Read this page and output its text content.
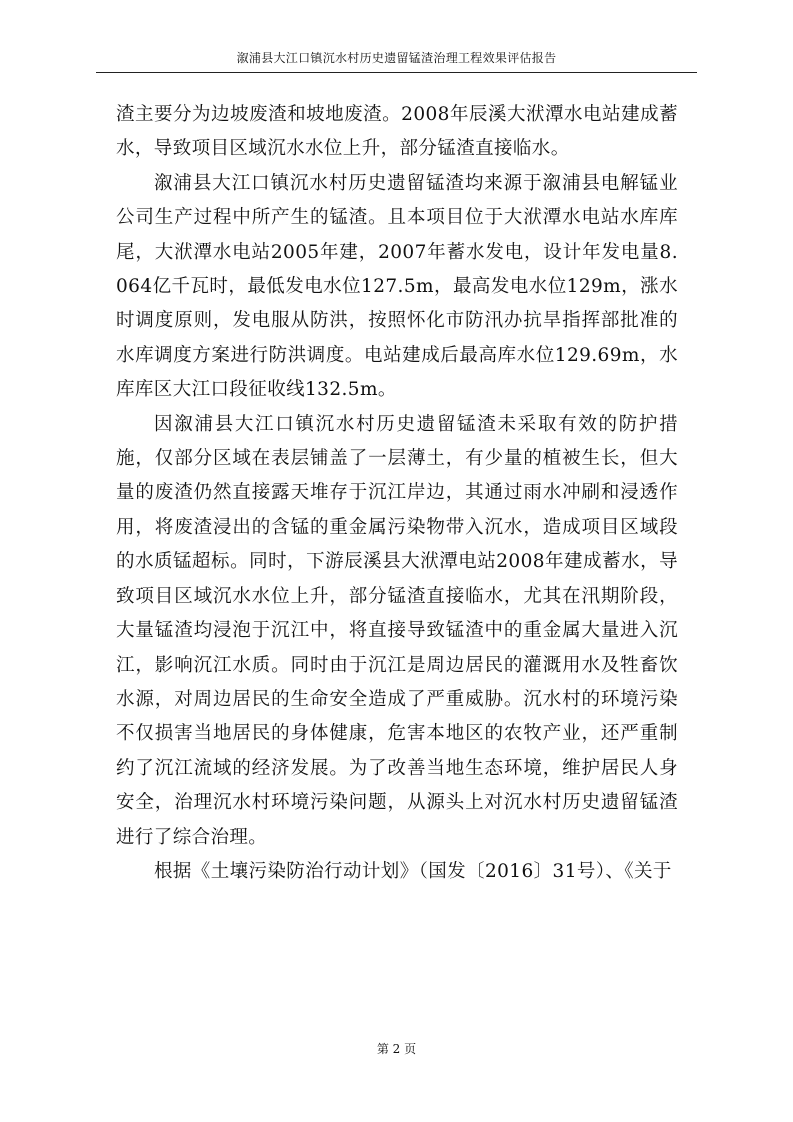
溆浦县大江口镇沉水村历史遗留锰渣治理工程效果评估报告

渣主要分为边坡废渣和坡地废渣。2008年辰溪大洑潭水电站建成蓄水，导致项目区域沉水水位上升，部分锰渣直接临水。

溆浦县大江口镇沉水村历史遗留锰渣均来源于溆浦县电解锰业公司生产过程中所产生的锰渣。且本项目位于大洑潭水电站水库库尾，大洑潭水电站2005年建，2007年蓄水发电，设计年发电量8.064亿千瓦时，最低发电水位127.5m，最高发电水位129m，涨水时调度原则，发电服从防洪，按照怀化市防汛办抗旱指挥部批准的水库调度方案进行防洪调度。电站建成后最高库水位129.69m，水库库区大江口段征收线132.5m。

因溆浦县大江口镇沉水村历史遗留锰渣未采取有效的防护措施，仅部分区域在表层铺盖了一层薄土，有少量的植被生长，但大量的废渣仍然直接露天堆存于沉江岸边，其通过雨水冲刷和浸透作用，将废渣浸出的含锰的重金属污染物带入沉水，造成项目区域段的水质锰超标。同时，下游辰溪县大洑潭电站2008年建成蓄水，导致项目区域沉水水位上升，部分锰渣直接临水，尤其在汛期阶段，大量锰渣均浸泡于沉江中，将直接导致锰渣中的重金属大量进入沉江，影响沉江水质。同时由于沉江是周边居民的灌溉用水及牲畜饮水源，对周边居民的生命安全造成了严重威胁。沉水村的环境污染不仅损害当地居民的身体健康，危害本地区的农牧产业，还严重制约了沉江流域的经济发展。为了改善当地生态环境，维护居民人身安全，治理沉水村环境污染问题，从源头上对沉水村历史遗留锰渣进行了综合治理。

根据《土壤污染防治行动计划》（国发〔2016〕31号）、《关于

第 2 页
